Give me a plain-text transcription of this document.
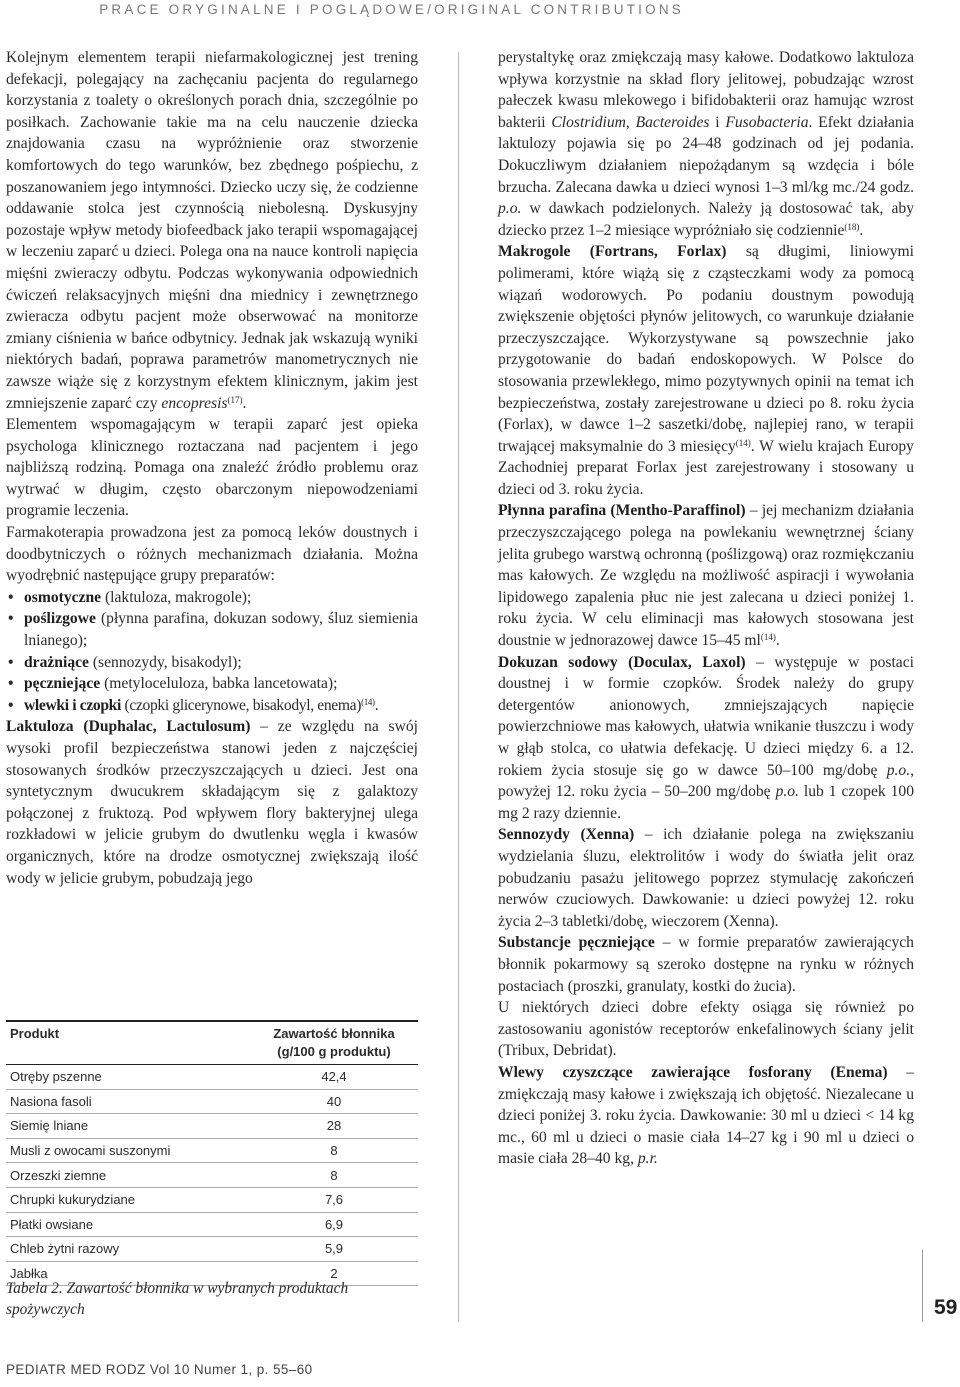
PRACE ORYGINALNE I POGLĄDOWE/ORIGINAL CONTRIBUTIONS

Kolejnym elementem terapii niefarmakologicznej jest trening defekacji, polegający na zachęcaniu pacjenta do regularnego korzystania z toalety o określonych porach dnia, szczególnie po posiłkach. Zachowanie takie ma na celu nauczenie dziecka znajdowania czasu na wypróżnienie oraz stworzenie komfortowych do tego warunków, bez zbędnego pośpiechu, z poszanowaniem jego intymności. Dziecko uczy się, że codzienne oddawanie stolca jest czynnością niebolesną. Dyskusyjny pozostaje wpływ metody biofeedback jako terapii wspomagającej w leczeniu zaparć u dzieci. Polega ona na nauce kontroli napięcia mięśni zwieraczy odbytu. Podczas wykonywania odpowiednich ćwiczeń relaksacyjnych mięśni dna miednicy i zewnętrznego zwieracza odbytu pacjent może obserwować na monitorze zmiany ciśnienia w bańce odbytnicy. Jednak jak wskazują wyniki niektórych badań, poprawa parametrów manometrycznych nie zawsze wiąże się z korzystnym efektem klinicznym, jakim jest zmniejszenie zaparć czy encopresis$^{(17)}$.

Elementem wspomagającym w terapii zaparć jest opieka psychologa klinicznego roztaczana nad pacjentem i jego najbliższą rodziną. Pomaga ona znaleźć źródło problemu oraz wytrwać w długim, często obarczonym niepowodzeniami programie leczenia.

Farmakoterapia prowadzona jest za pomocą leków doustnych i doodbytniczych o różnych mechanizmach działania. Można wyodrębnić następujące grupy preparatów:

• osmotyczne (laktuloza, makrogole);
• poślizgowe (płynna parafina, dokuzan sodowy, śluz siemienia lnianego);
• drażniące (sennozydy, bisakodyl);
• pęczniejące (metyloceluloza, babka lancetowata);
• wlewki i czopki (czopki glicerynowe, bisakodyl, enema)$^{(14)}$.

Laktuloza (Duphalac, Lactulosum) – ze względu na swój wysoki profil bezpieczeństwa stanowi jeden z najczęściej stosowanych środków przeczyszczających u dzieci. Jest ona syntetycznym dwucukrem składającym się z galaktozy połączonej z fruktozą. Pod wpływem flory bakteryjnej ulega rozkładowi w jelicie grubym do dwutlenku węgla i kwasów organicznych, które na drodze osmotycznej zwiększają ilość wody w jelicie grubym, pobudzają jego

Produkt	Zawartość błonnika
(g/100 g produktu)
Otręby pszenne	42,4
Nasiona fasoli	40
Siemię lniane	28
Musli z owocami suszonymi	8
Orzeszki ziemne	8
Chrupki kukurydziane	7,6
Płatki owsiane	6,9
Chleb żytni razowy	5,9
Jabłka	2
Tabela 2. Zawartość błonnika w wybranych produktach spożywczych

perystaltykę oraz zmiękczają masy kałowe. Dodatkowo laktuloza wpływa korzystnie na skład flory jelitowej, pobudzając wzrost pałeczek kwasu mlekowego i bifidobakterii oraz hamując wzrost bakterii Clostridium, Bacteroides i Fusobacteria. Efekt działania laktulozy pojawia się po 24–48 godzinach od jej podania. Dokuczliwym działaniem niepożądanym są wzdęcia i bóle brzucha. Zalecana dawka u dzieci wynosi 1–3 ml/kg mc./24 godz. p.o. w dawkach podzielonych. Należy ją dostosować tak, aby dziecko przez 1–2 miesiące wypróżniało się codziennie$^{(18)}$.

Makrogole (Fortrans, Forlax) są długimi, liniowymi polimerami, które wiążą się z cząsteczkami wody za pomocą wiązań wodorowych. Po podaniu doustnym powodują zwiększenie objętości płynów jelitowych, co warunkuje działanie przeczyszczające. Wykorzystywane są powszechnie jako przygotowanie do badań endoskopowych. W Polsce do stosowania przewlekłego, mimo pozytywnych opinii na temat ich bezpieczeństwa, zostały zarejestrowane u dzieci po 8. roku życia (Forlax), w dawce 1–2 saszetki/dobę, najlepiej rano, w terapii trwającej maksymalnie do 3 miesięcy$^{(14)}$. W wielu krajach Europy Zachodniej preparat Forlax jest zarejestrowany i stosowany u dzieci od 3. roku życia.

Płynna parafina (Mentho-Paraffinol) – jej mechanizm działania przeczyszczającego polega na powlekaniu wewnętrznej ściany jelita grubego warstwą ochronną (poślizgową) oraz rozmiękczaniu mas kałowych. Ze względu na możliwość aspiracji i wywołania lipidowego zapalenia płuc nie jest zalecana u dzieci poniżej 1. roku życia. W celu eliminacji mas kałowych stosowana jest doustnie w jednorazowej dawce 15–45 $ml^{(14)}$.

Dokuzan sodowy (Doculax, Laxol) – występuje w postaci doustnej i w formie czopków. Środek należy do grupy detergentów anionowych, zmniejszających napięcie powierzchniowe mas kałowych, ułatwia wnikanie tłuszczu i wody w głąb stolca, co ułatwia defekację. U dzieci między 6. a 12. rokiem życia stosuje się go w dawce 50–100 mg/dobę p.o., powyżej 12. roku życia – 50–200 mg/dobę p.o. lub 1 czopek 100 mg 2 razy dziennie.

Sennozydy (Xenna) – ich działanie polega na zwiększaniu wydzielania śluzu, elektrolitów i wody do światła jelit oraz pobudzaniu pasażu jelitowego poprzez stymulację zakończeń nerwów czuciowych. Dawkowanie: u dzieci powyżej 12. roku życia 2–3 tabletki/dobę, wieczorem (Xenna).

Substancje pęczniejące – w formie preparatów zawierających błonnik pokarmowy są szeroko dostępne na rynku w różnych postaciach (proszki, granulaty, kostki do żucia).

U niektórych dzieci dobre efekty osiąga się również po zastosowaniu agonistów receptorów enkefalinowych ściany jelit (Tribux, Debridat).

Wlewy czyszczące zawierające fosforany (Enema) – zmiękczają masy kałowe i zwiększają ich objętość. Niezalecane u dzieci poniżej 3. roku życia. Dawkowanie: 30 ml u dzieci < 14 kg mc., 60 ml u dzieci o masie ciała 14–27 kg i 90 ml u dzieci o masie ciała 28–40 kg, p.r.

59
PEDIATR MED RODZ Vol 10 Numer 1, p. 55–60
